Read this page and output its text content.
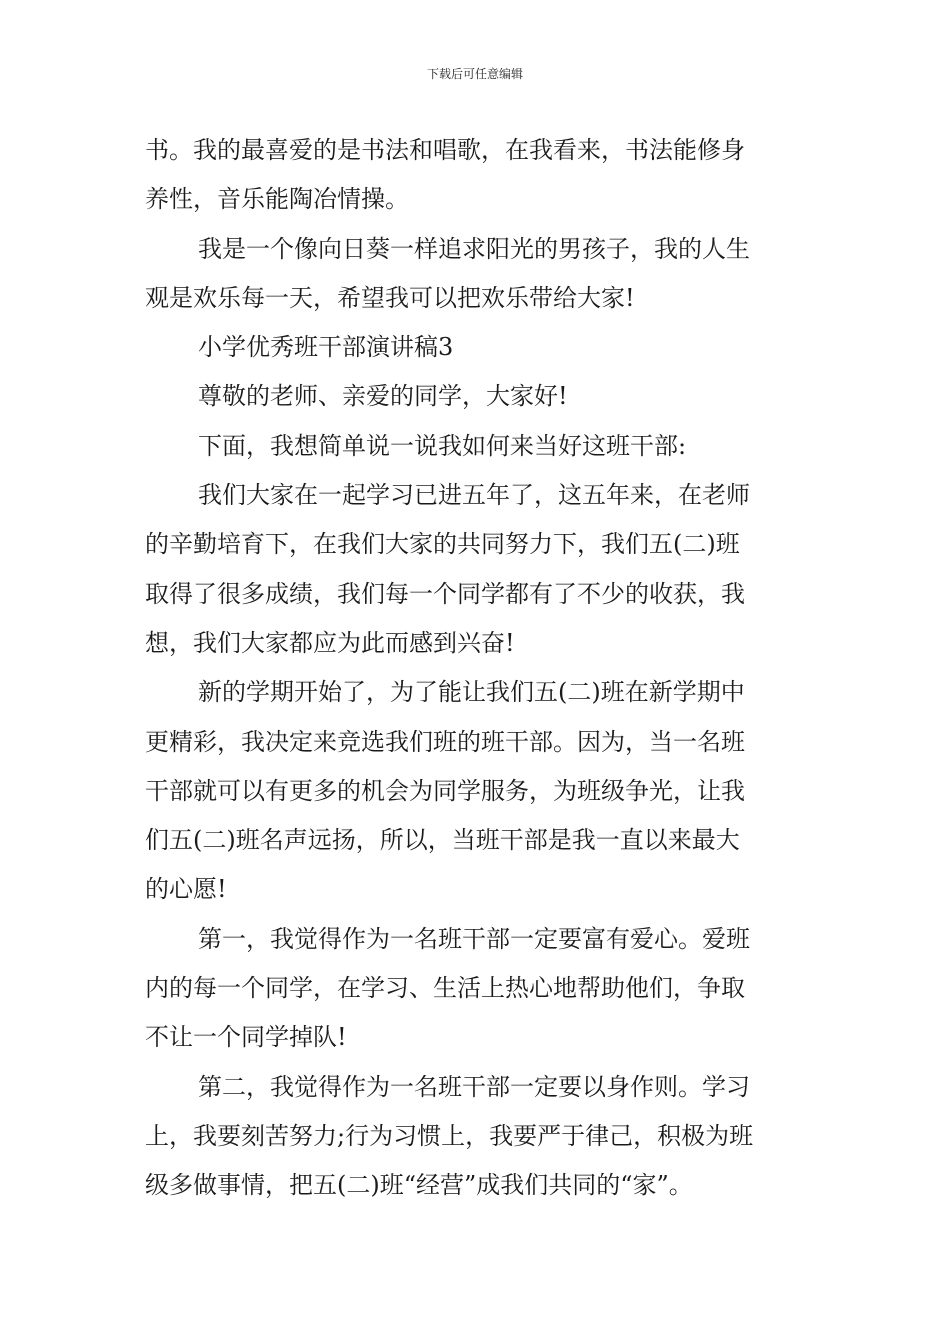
下载后可任意编辑
书。我的最喜爱的是书法和唱歌，在我看来，书法能修身
养性，音乐能陶冶情操。
我是一个像向日葵一样追求阳光的男孩子，我的人生
观是欢乐每一天，希望我可以把欢乐带给大家!
小学优秀班干部演讲稿3
尊敬的老师、亲爱的同学，大家好!
下面，我想简单说一说我如何来当好这班干部:
我们大家在一起学习已进五年了，这五年来，在老师
的辛勤培育下，在我们大家的共同努力下，我们五(二)班
取得了很多成绩，我们每一个同学都有了不少的收获，我
想，我们大家都应为此而感到兴奋!
新的学期开始了，为了能让我们五(二)班在新学期中
更精彩，我决定来竞选我们班的班干部。因为，当一名班
干部就可以有更多的机会为同学服务，为班级争光，让我
们五(二)班名声远扬，所以，当班干部是我一直以来最大
的心愿!
第一，我觉得作为一名班干部一定要富有爱心。爱班
内的每一个同学，在学习、生活上热心地帮助他们，争取
不让一个同学掉队!
第二，我觉得作为一名班干部一定要以身作则。学习
上，我要刻苦努力;行为习惯上，我要严于律己，积极为班
级多做事情，把五(二)班“经营”成我们共同的“家”。
